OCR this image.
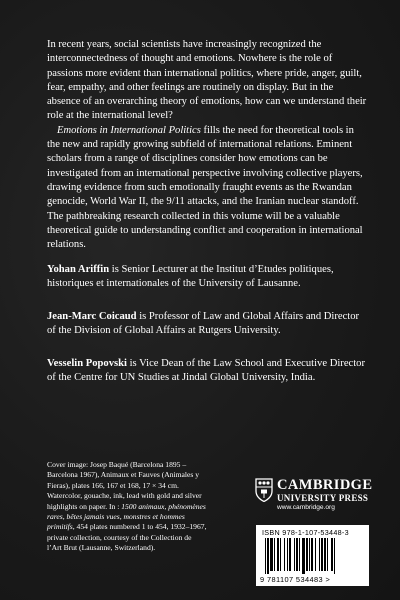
In recent years, social scientists have increasingly recognized the interconnectedness of thought and emotions. Nowhere is the role of passions more evident than international politics, where pride, anger, guilt, fear, empathy, and other feelings are routinely on display. But in the absence of an overarching theory of emotions, how can we understand their role at the international level?

Emotions in International Politics fills the need for theoretical tools in the new and rapidly growing subfield of international relations. Eminent scholars from a range of disciplines consider how emotions can be investigated from an international perspective involving collective players, drawing evidence from such emotionally fraught events as the Rwandan genocide, World War II, the 9/11 attacks, and the Iranian nuclear standoff. The pathbreaking research collected in this volume will be a valuable theoretical guide to understanding conflict and cooperation in international relations.

Yohan Ariffin is Senior Lecturer at the Institut d’Etudes politiques, historiques et internationales of the University of Lausanne.

Jean-Marc Coicaud is Professor of Law and Global Affairs and Director of the Division of Global Affairs at Rutgers University.

Vesselin Popovski is Vice Dean of the Law School and Executive Director of the Centre for UN Studies at Jindal Global University, India.

Cover image: Josep Baqué (Barcelona 1895 – Barcelona 1967), Animaux et Fauves (Animales y Fieras), plates 166, 167 et 168, 17 × 34 cm. Watercolor, gouache, ink, lead with gold and silver highlights on paper. In : 1500 animaux, phénomènes rares, bêtes jamais vues, monstres et hommes primitifs, 454 plates numbered 1 to 454, 1932–1967, private collection, courtesy of the Collection de l’Art Brut (Lausanne, Switzerland).

CAMBRIDGE
UNIVERSITY PRESS
www.cambridge.org
ISBN 978-1-107-53448-3
9 781107 534483 >
